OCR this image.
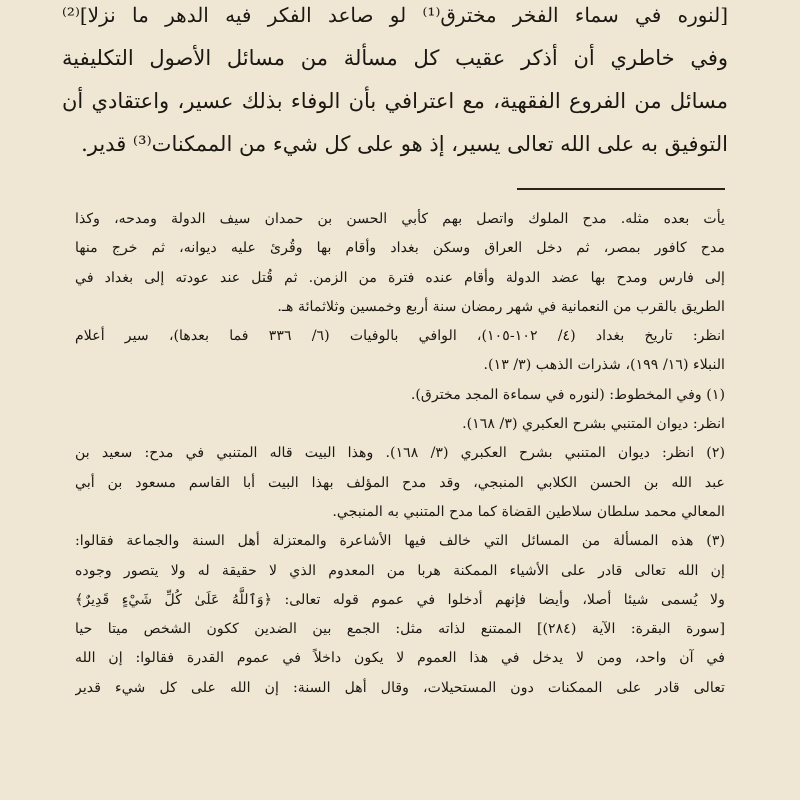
[لنوره في سماء الفخر مخترق⁽¹⁾ لو صاعد الفكر فيه الدهر ما نزلا]⁽²⁾
وفي خاطري أن أذكر عقيب كل مسألة من مسائل الأصول التكليفية
مسائل من الفروع الفقهية، مع اعترافي بأن الوفاء بذلك عسير، واعتقادي أن
التوفيق به على الله تعالى يسير، إذ هو على كل شيء من الممكنات⁽³⁾ قدير.
يأت بعده مثله. مدح الملوك واتصل بهم كأبي الحسن بن حمدان سيف الدولة ومدحه، وكذا
مدح كافور بمصر، ثم دخل العراق وسكن بغداد وأقام بها وقُرئ عليه ديوانه، ثم خرج منها
إلى فارس ومدح بها عضد الدولة وأقام عنده فترة من الزمن. ثم قُتل عند عودته إلى بغداد في
الطريق بالقرب من النعمانية في شهر رمضان سنة أربع وخمسين وثلاثمائة هـ.
انظر: تاريخ بغداد (٤/ ١٠٢-١٠٥)، الوافي بالوفيات (٦/ ٣٣٦ فما بعدها)، سير أعلام
النبلاء (١٦/ ١٩٩)، شذرات الذهب (٣/ ١٣).
(١) وفي المخطوط: (لنوره في سماءة المجد مخترق).
انظر: ديوان المتنبي بشرح العكبري (٣/ ١٦٨).
(٢) انظر: ديوان المتنبي بشرح العكبري (٣/ ١٦٨). وهذا البيت قاله المتنبي في مدح: سعيد بن
عبد الله بن الحسن الكلابي المنبجي، وقد مدح المؤلف بهذا البيت أبا القاسم مسعود بن أبي
المعالي محمد سلطان سلاطين القضاة كما مدح المتنبي به المنبجي.
(٣) هذه المسألة من المسائل التي خالف فيها الأشاعرة والمعتزلة أهل السنة والجماعة فقالوا:
إن الله تعالى قادر على الأشياء الممكنة هربا من المعدوم الذي لا حقيقة له ولا يتصور وجوده
ولا يُسمى شيئا أصلا، وأيضا فإنهم أدخلوا في عموم قوله تعالى: ﴿وَٱللَّهُ عَلَىٰ كُلِّ شَيْءٍ قَدِيرٌ﴾
[سورة البقرة: الآية (٢٨٤)] الممتنع لذاته مثل: الجمع بين الضدين ككون الشخص ميتا حيا
في آن واحد، ومن لا يدخل في هذا العموم لا يكون داخلاً في عموم القدرة فقالوا: إن الله
تعالى قادر على الممكنات دون المستحيلات، وقال أهل السنة: إن الله على كل شيء قدير
